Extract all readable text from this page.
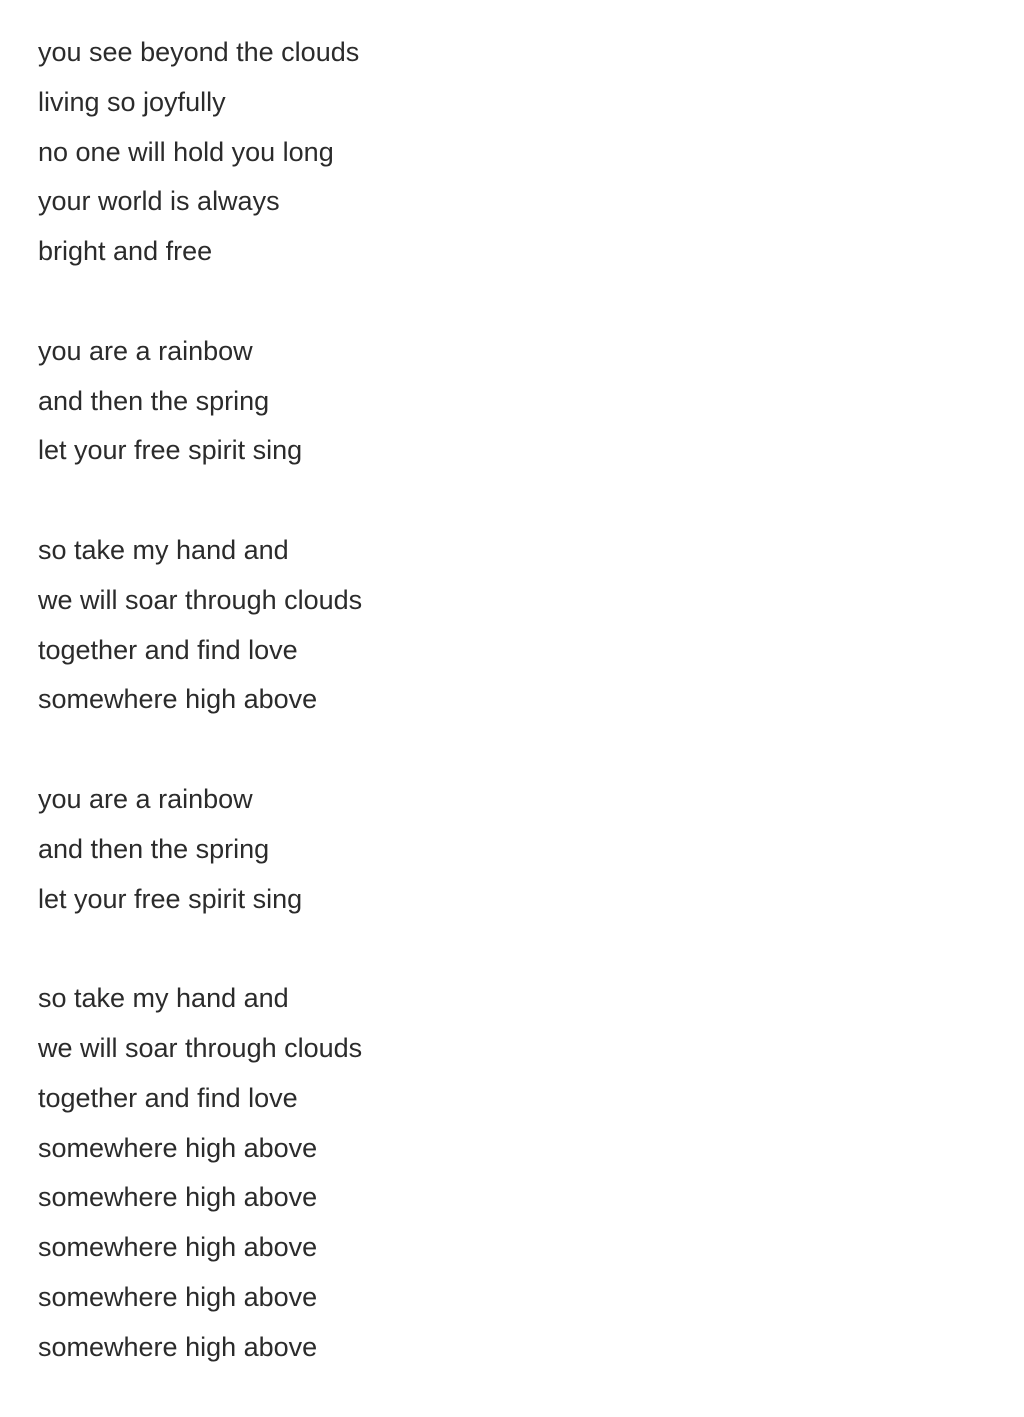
you see beyond the clouds
living so joyfully
no one will hold you long
your world is always
bright and free
you are a rainbow
and then the spring
let your free spirit sing
so take my hand and
we will soar through clouds
together and find love
somewhere high above
you are a rainbow
and then the spring
let your free spirit sing
so take my hand and
we will soar through clouds
together and find love
somewhere high above
somewhere high above
somewhere high above
somewhere high above
somewhere high above
